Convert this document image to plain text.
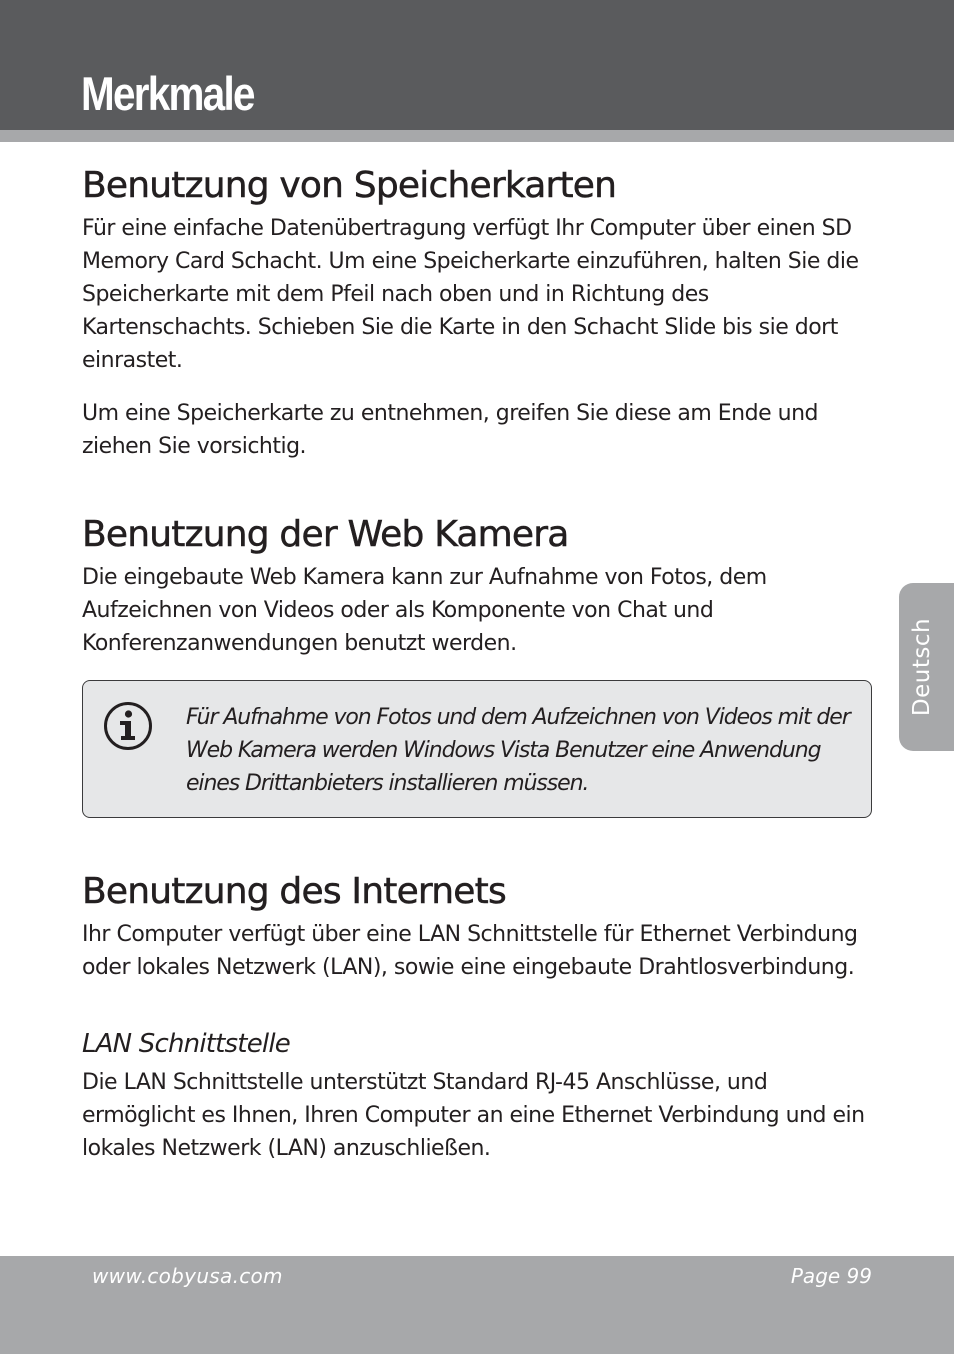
Merkmale
Benutzung von Speicherkarten

Für eine einfache Datenübertragung verfügt Ihr Computer über einen SD Memory Card Schacht. Um eine Speicherkarte einzuführen, halten Sie die Speicherkarte mit dem Pfeil nach oben und in Richtung des Kartenschachts. Schieben Sie die Karte in den Schacht Slide bis sie dort einrastet.

Um eine Speicherkarte zu entnehmen, greifen Sie diese am Ende und ziehen Sie vorsichtig.

Benutzung der Web Kamera

Die eingebaute Web Kamera kann zur Aufnahme von Fotos, dem Aufzeichnen von Videos oder als Komponente von Chat und Konferenzanwendungen benutzt werden.

Für Aufnahme von Fotos und dem Aufzeichnen von Videos mit der Web Kamera werden Windows Vista Benutzer eine Anwendung eines Drittanbieters installieren müssen.
Benutzung des Internets

Ihr Computer verfügt über eine LAN Schnittstelle für Ethernet Verbindung oder lokales Netzwerk (LAN), sowie eine eingebaute Drahtlosverbindung.

LAN Schnittstelle

Die LAN Schnittstelle unterstützt Standard RJ-45 Anschlüsse, und ermöglicht es Ihnen, Ihren Computer an eine Ethernet Verbindung und ein lokales Netzwerk (LAN) anzuschließen.

Deutsch
www.cobyusa.com	Page 99
